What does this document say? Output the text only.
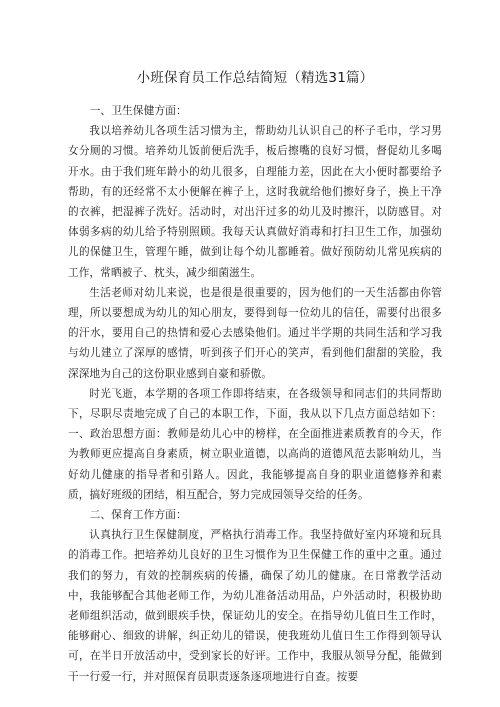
小班保育员工作总结简短（精选31篇）

一、卫生保健方面：

我以培养幼儿各项生活习惯为主，帮助幼儿认识自己的杯子毛巾，学习男女分厕的习惯。培养幼儿饭前便后洗手，板后擦嘴的良好习惯，督促幼儿多喝开水。由于我们班年龄小的幼儿很多，自理能力差，因此在大小便时都要给予帮助，有的还经常不太小便解在裤子上，这时我就给他们擦好身子，换上干净的衣裤，把湿裤子洗好。活动时，对出汗过多的幼儿及时擦汗，以防感冒。对体弱多病的幼儿给予特别照顾。我每天认真做好消毒和打扫卫生工作，加强幼儿的保健卫生，管理午睡，做到让每个幼儿都睡着。做好预防幼儿常见疾病的工作，常晒被子、枕头，减少细菌滋生。

生活老师对幼儿来说，也是很是很重要的，因为他们的一天生活都由你管理，所以要想成为幼儿的知心朋友，要得到每一位幼儿的信任，需要付出很多的汗水，要用自己的热情和爱心去感染他们。通过半学期的共同生活和学习我与幼儿建立了深厚的感情，听到孩子们开心的笑声，看到他们甜甜的笑脸，我深深地为自己的这份职业感到自豪和骄傲。

时光飞逝，本学期的各项工作即将结束，在各级领导和同志们的共同帮助下，尽职尽责地完成了自己的本职工作，下面，我从以下几点方面总结如下：一、政治思想方面：教师是幼儿心中的榜样，在全面推进素质教育的今天，作为教师更应提高自身素质，树立职业道德，以高尚的道德风范去影响幼儿，当好幼儿健康的指导者和引路人。因此，我能够提高自身的职业道德修养和素质，搞好班级的团结，相互配合，努力完成园领导交给的任务。

二、保育工作方面：

认真执行卫生保健制度，严格执行消毒工作。我坚持做好室内环境和玩具的消毒工作。把培养幼儿良好的卫生习惯作为卫生保健工作的重中之重。通过我们的努力，有效的控制疾病的传播，确保了幼儿的健康。在日常教学活动中，我能够配合其他老师工作，为幼儿准备活动用品，户外活动时，积极协助老师组织活动，做到眼疾手快，保证幼儿的安全。在指导幼儿值日生工作时，能够耐心、细致的讲解，纠正幼儿的错误，使我班幼儿值日生工作得到领导认可，在半日开放活动中，受到家长的好评。工作中，我服从领导分配，能做到干一行爱一行，并对照保育员职责逐条逐项地进行自查。按要
